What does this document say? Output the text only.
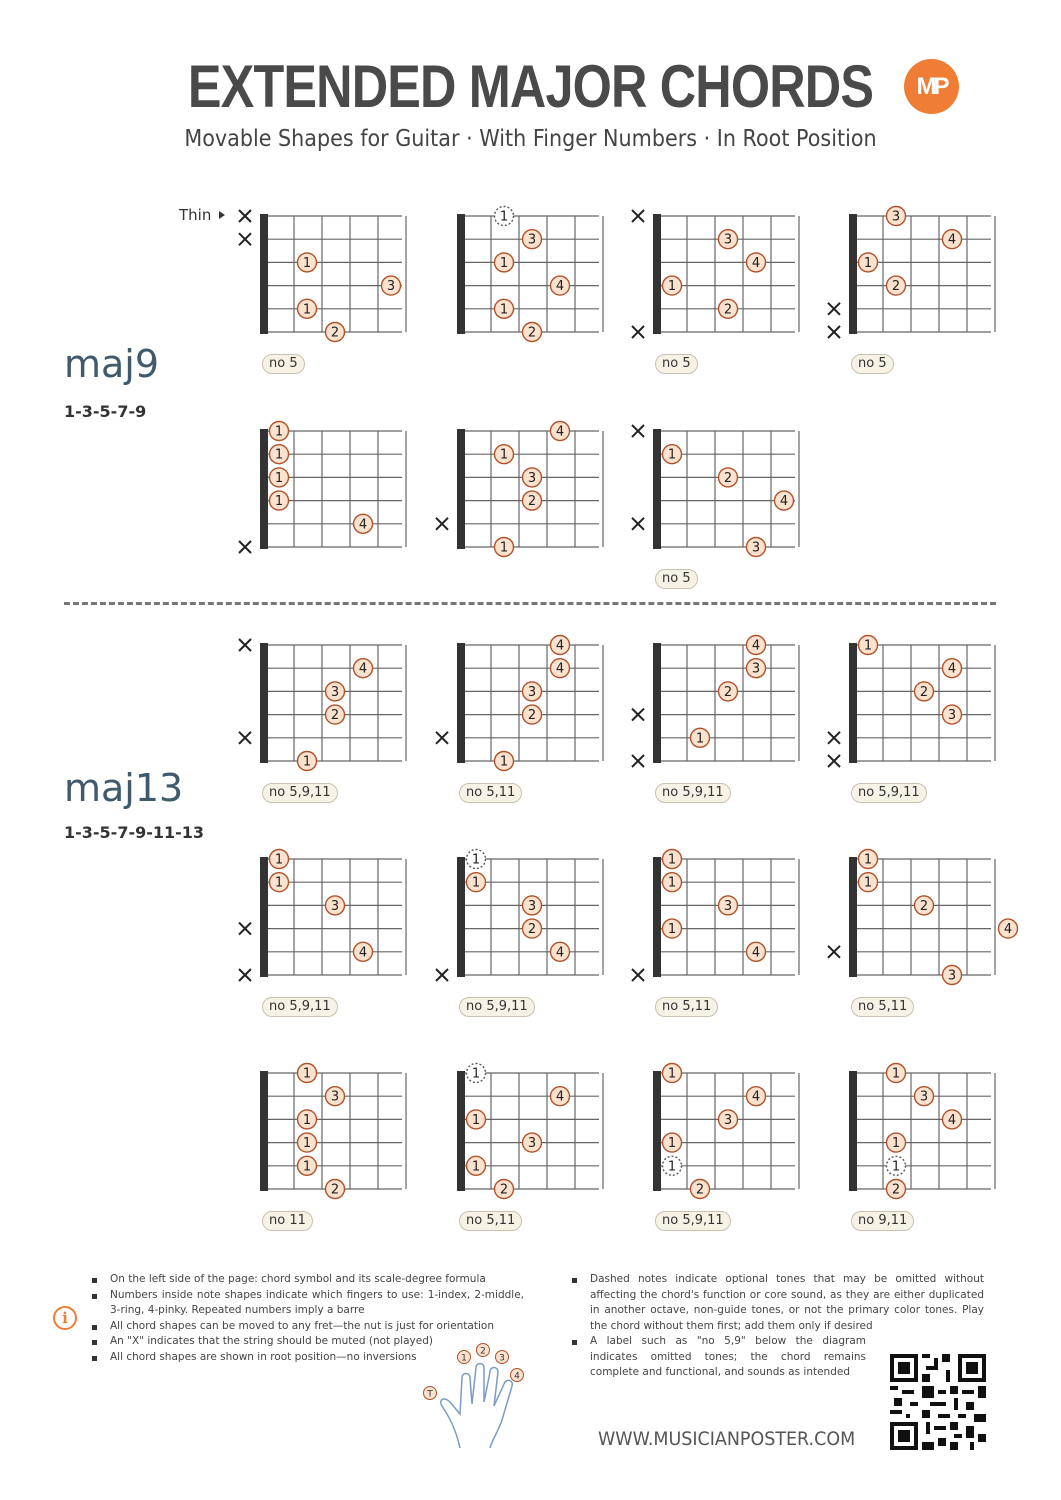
EXTENDED MAJOR CHORDS
Movable Shapes for Guitar · With Finger Numbers · In Root Position
MP
Thin
maj9
1-3-5-7-9
maj13
1-3-5-7-9-11-13
1
3
1
2
no 5
1
3
1
4
1
2
3
4
1
2
no 5
3
4
1
2
no 5
1
1
1
1
4
4
1
3
2
1
1
2
4
3
no 5
4
3
2
1
no 5,9,11
4
4
3
2
1
no 5,11
4
3
2
1
no 5,9,11
1
4
2
3
no 5,9,11
1
1
3
4
no 5,9,11
1
1
3
2
4
no 5,9,11
1
1
3
1
4
no 5,11
1
1
2
4
3
no 5,11
1
3
1
1
1
2
no 11
1
4
1
3
1
2
no 5,11
1
4
3
1
1
2
no 5,9,11
1
3
4
1
1
2
no 9,11
i
On the left side of the page: chord symbol and its scale-degree formula
Numbers inside note shapes indicate which fingers to use: 1-index, 2-middle, 3-ring, 4-pinky. Repeated numbers imply a barre
All chord shapes can be moved to any fret—the nut is just for orientation
An "X" indicates that the string should be muted (not played)
All chord shapes are shown in root position—no inversions
Dashed notes indicate optional tones that may be omitted without affecting the chord's function or core sound, as they are either duplicated in another octave, non-guide tones, or not the primary color tones. Play the chord without them first; add them only if desired
A label such as "no 5,9" below the diagram indicates omitted tones; the chord remains complete and functional, and sounds as intended
1
2
3
4
T
WWW.MUSICIANPOSTER.COM
